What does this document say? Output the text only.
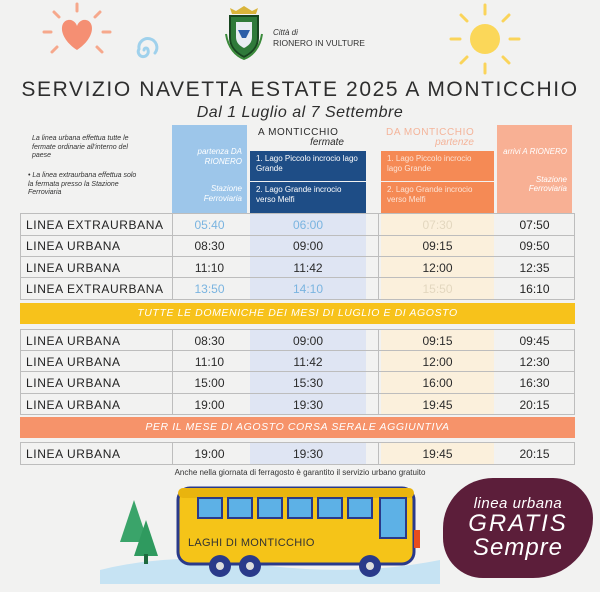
Città di
RIONERO IN VULTURE
SERVIZIO NAVETTA ESTATE 2025 A MONTICCHIO
Dal 1 Luglio al 7 Settembre
La linea urbana effettua tutte le fermate ordinarie all'interno del paese
• La linea extraurbana effettua solo la fermata presso la Stazione Ferroviaria
partenza DA RIONERO
Stazione Ferroviaria
A MONTICCHIO
fermate
1. Lago Piccolo incrocio lago Grande
2. Lago Grande incrocio verso Melfi
DA MONTICCHIO
partenze
1. Lago Piccolo incrocio lago Grande
2. Lago Grande incrocio verso Melfi
arrivi A RIONERO
Stazione Ferroviaria
LINEA EXTRAURBANA	05:40	06:00	07:30	07:50
LINEA URBANA	08:30	09:00	09:15	09:50
LINEA URBANA	11:10	11:42	12:00	12:35
LINEA EXTRAURBANA	13:50	14:10	15:50	16:10
TUTTE LE DOMENICHE DEI MESI DI LUGLIO E DI AGOSTO
LINEA URBANA	08:30	09:00	09:15	09:45
LINEA URBANA	11:10	11:42	12:00	12:30
LINEA URBANA	15:00	15:30	16:00	16:30
LINEA URBANA	19:00	19:30	19:45	20:15
PER IL MESE DI AGOSTO CORSA SERALE AGGIUNTIVA
LINEA URBANA	19:00	19:30	19:45	20:15
Anche nella giornata di ferragosto è garantito il servizio urbano gratuito
LAGHI DI MONTICCHIO
linea urbana
GRATIS
Sempre
